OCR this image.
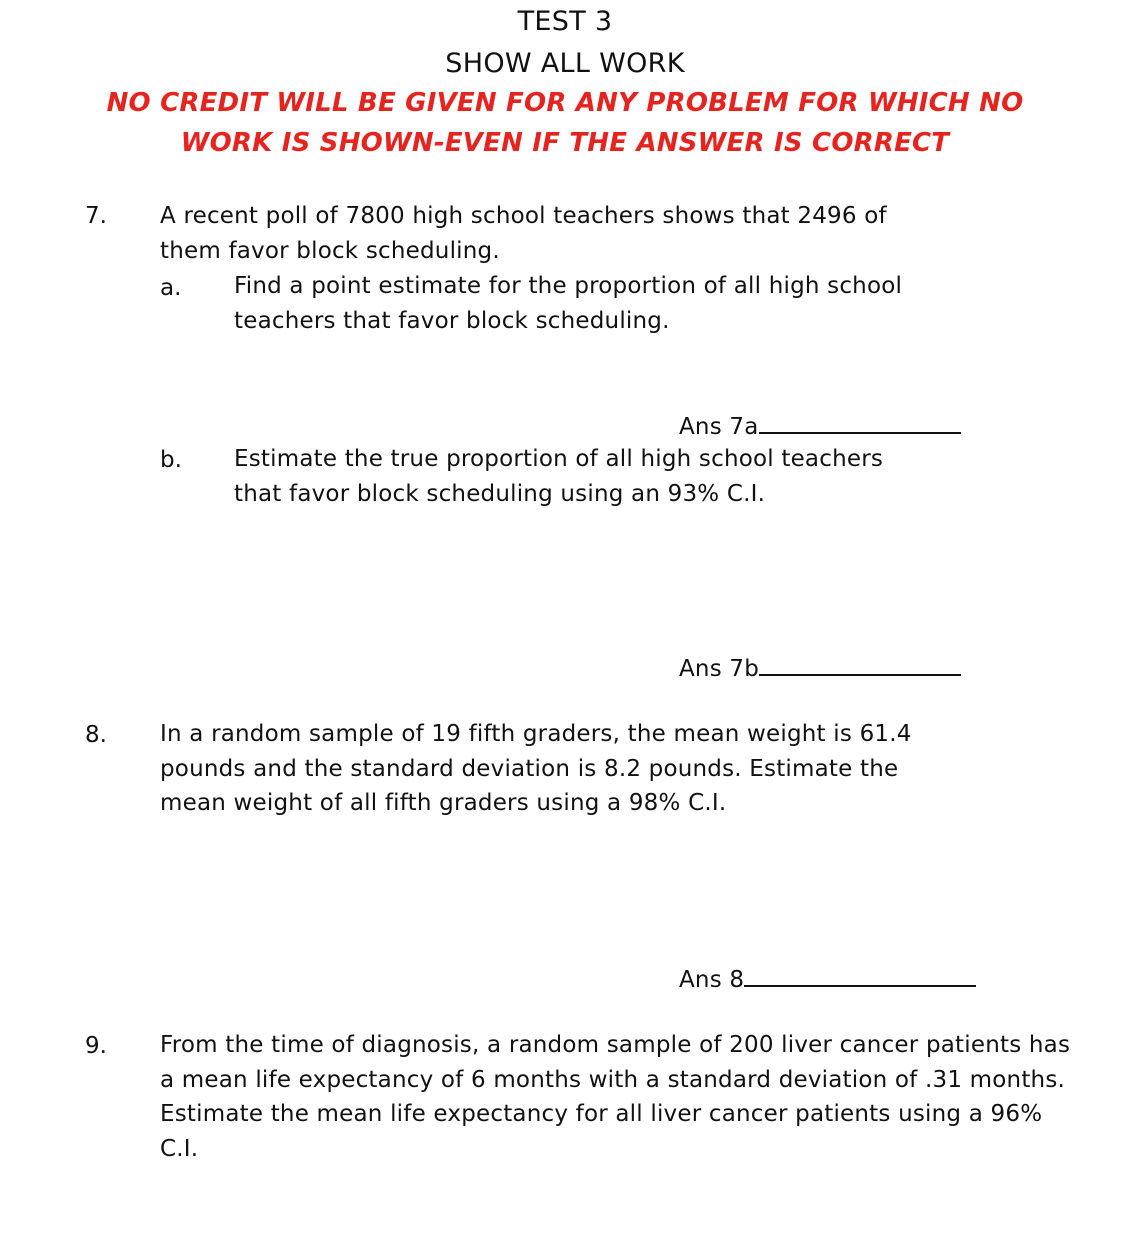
TEST 3
SHOW ALL WORK
NO CREDIT WILL BE GIVEN FOR ANY PROBLEM FOR WHICH NO
WORK IS SHOWN-EVEN IF THE ANSWER IS CORRECT
7. A recent poll of 7800 high school teachers shows that 2496 of
them favor block scheduling.
a. Find a point estimate for the proportion of all high school
teachers that favor block scheduling.
Ans 7a
b. Estimate the true proportion of all high school teachers
that favor block scheduling using an 93% C.I.
Ans 7b
8. In a random sample of 19 fifth graders, the mean weight is 61.4
pounds and the standard deviation is 8.2 pounds. Estimate the
mean weight of all fifth graders using a 98% C.I.
Ans 8
9. From the time of diagnosis, a random sample of 200 liver cancer patients has
a mean life expectancy of 6 months with a standard deviation of .31 months.
Estimate the mean life expectancy for all liver cancer patients using a 96%
C.I.
